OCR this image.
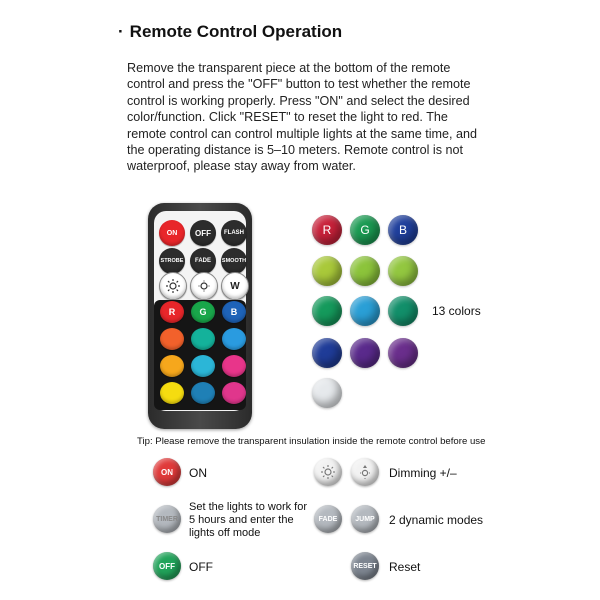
· Remote Control Operation
Remove the transparent piece at the bottom of the remote control and press the "OFF" button to test whether the remote control is working properly. Press "ON" and select the desired color/function. Click "RESET" to reset the light to red. The remote control can control multiple lights at the same time, and the operating distance is 5–10 meters. Remote control is not waterproof, please stay away from water.
ON	OFF	FLASH
STROBE	FADE	SMOOTH
W
R	G	B
R	G	B
13 colors
Tip: Please remove the transparent insulation inside the remote control before use
ON	ON
TIMER
Set the lights to work for 5 hours and enter the lights off mode
OFF	OFF
Dimming +/–
FADE	JUMP	2 dynamic modes
RESET Reset
